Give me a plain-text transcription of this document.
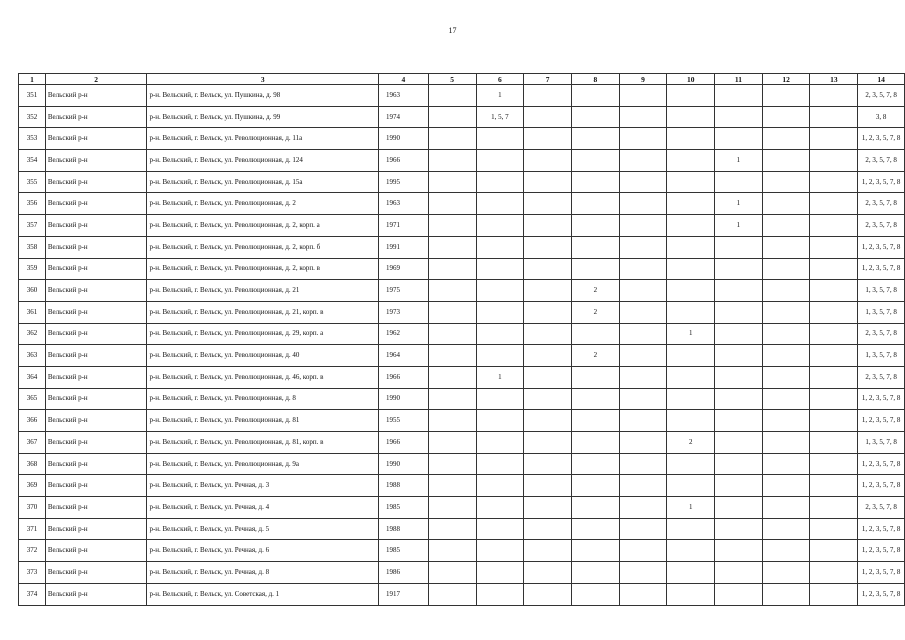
17
1	2	3	4	5	6	7	8	9	10	11	12	13	14
351	Вельский р-н	р-н. Вельский, г. Вельск, ул. Пушкина, д. 98	1963		1								2, 3, 5, 7, 8
352	Вельский р-н	р-н. Вельский, г. Вельск, ул. Пушкина, д. 99	1974		1, 5, 7								3, 8
353	Вельский р-н	р-н. Вельский, г. Вельск, ул. Революционная, д. 11а	1990										1, 2, 3, 5, 7, 8
354	Вельский р-н	р-н. Вельский, г. Вельск, ул. Революционная, д. 124	1966							1			2, 3, 5, 7, 8
355	Вельский р-н	р-н. Вельский, г. Вельск, ул. Революционная, д. 15а	1995										1, 2, 3, 5, 7, 8
356	Вельский р-н	р-н. Вельский, г. Вельск, ул. Революционная, д. 2	1963							1			2, 3, 5, 7, 8
357	Вельский р-н	р-н. Вельский, г. Вельск, ул. Революционная, д. 2, корп. а	1971							1			2, 3, 5, 7, 8
358	Вельский р-н	р-н. Вельский, г. Вельск, ул. Революционная, д. 2, корп. б	1991										1, 2, 3, 5, 7, 8
359	Вельский р-н	р-н. Вельский, г. Вельск, ул. Революционная, д. 2, корп. в	1969										1, 2, 3, 5, 7, 8
360	Вельский р-н	р-н. Вельский, г. Вельск, ул. Революционная, д. 21	1975				2						1, 3, 5, 7, 8
361	Вельский р-н	р-н. Вельский, г. Вельск, ул. Революционная, д. 21, корп. в	1973				2						1, 3, 5, 7, 8
362	Вельский р-н	р-н. Вельский, г. Вельск, ул. Революционная, д. 29, корп. а	1962						1				2, 3, 5, 7, 8
363	Вельский р-н	р-н. Вельский, г. Вельск, ул. Революционная, д. 40	1964				2						1, 3, 5, 7, 8
364	Вельский р-н	р-н. Вельский, г. Вельск, ул. Революционная, д. 46, корп. в	1966		1								2, 3, 5, 7, 8
365	Вельский р-н	р-н. Вельский, г. Вельск, ул. Революционная, д. 8	1990										1, 2, 3, 5, 7, 8
366	Вельский р-н	р-н. Вельский, г. Вельск, ул. Революционная, д. 81	1955										1, 2, 3, 5, 7, 8
367	Вельский р-н	р-н. Вельский, г. Вельск, ул. Революционная, д. 81, корп. в	1966						2				1, 3, 5, 7, 8
368	Вельский р-н	р-н. Вельский, г. Вельск, ул. Революционная, д. 9а	1990										1, 2, 3, 5, 7, 8
369	Вельский р-н	р-н. Вельский, г. Вельск, ул. Речная, д. 3	1988										1, 2, 3, 5, 7, 8
370	Вельский р-н	р-н. Вельский, г. Вельск, ул. Речная, д. 4	1985						1				2, 3, 5, 7, 8
371	Вельский р-н	р-н. Вельский, г. Вельск, ул. Речная, д. 5	1988										1, 2, 3, 5, 7, 8
372	Вельский р-н	р-н. Вельский, г. Вельск, ул. Речная, д. 6	1985										1, 2, 3, 5, 7, 8
373	Вельский р-н	р-н. Вельский, г. Вельск, ул. Речная, д. 8	1986										1, 2, 3, 5, 7, 8
374	Вельский р-н	р-н. Вельский, г. Вельск, ул. Советская, д. 1	1917										1, 2, 3, 5, 7, 8
